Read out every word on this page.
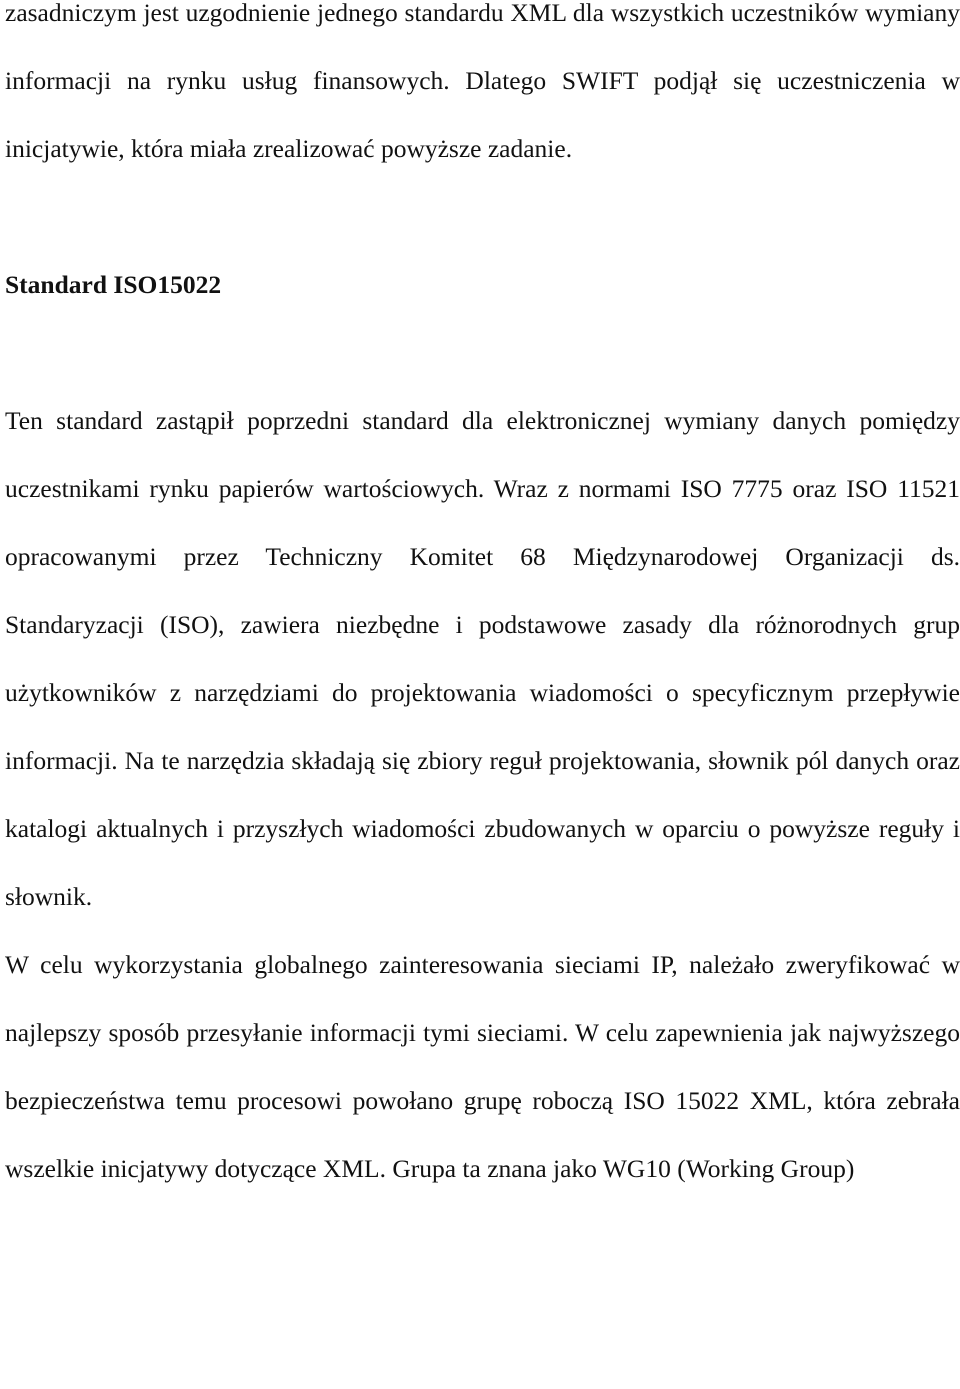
zasadniczym jest uzgodnienie jednego standardu XML dla wszystkich uczestników wymiany informacji na rynku usług finansowych. Dlatego SWIFT podjął się uczestniczenia w inicjatywie, która miała zrealizować powyższe zadanie.

Standard ISO15022

Ten standard zastąpił poprzedni standard dla elektronicznej wymiany danych pomiędzy uczestnikami rynku papierów wartościowych. Wraz z normami ISO 7775 oraz ISO 11521 opracowanymi przez Techniczny Komitet 68 Międzynarodowej Organizacji ds. Standaryzacji (ISO), zawiera niezbędne i podstawowe zasady dla różnorodnych grup użytkowników z narzędziami do projektowania wiadomości o specyficznym przepływie informacji. Na te narzędzia składają się zbiory reguł projektowania, słownik pól danych oraz katalogi aktualnych i przyszłych wiadomości zbudowanych w oparciu o powyższe reguły i słownik.

W celu wykorzystania globalnego zainteresowania sieciami IP, należało zweryfikować w najlepszy sposób przesyłanie informacji tymi sieciami. W celu zapewnienia jak najwyższego bezpieczeństwa temu procesowi powołano grupę roboczą ISO 15022 XML, która zebrała wszelkie inicjatywy dotyczące XML. Grupa ta znana jako WG10 (Working Group)
